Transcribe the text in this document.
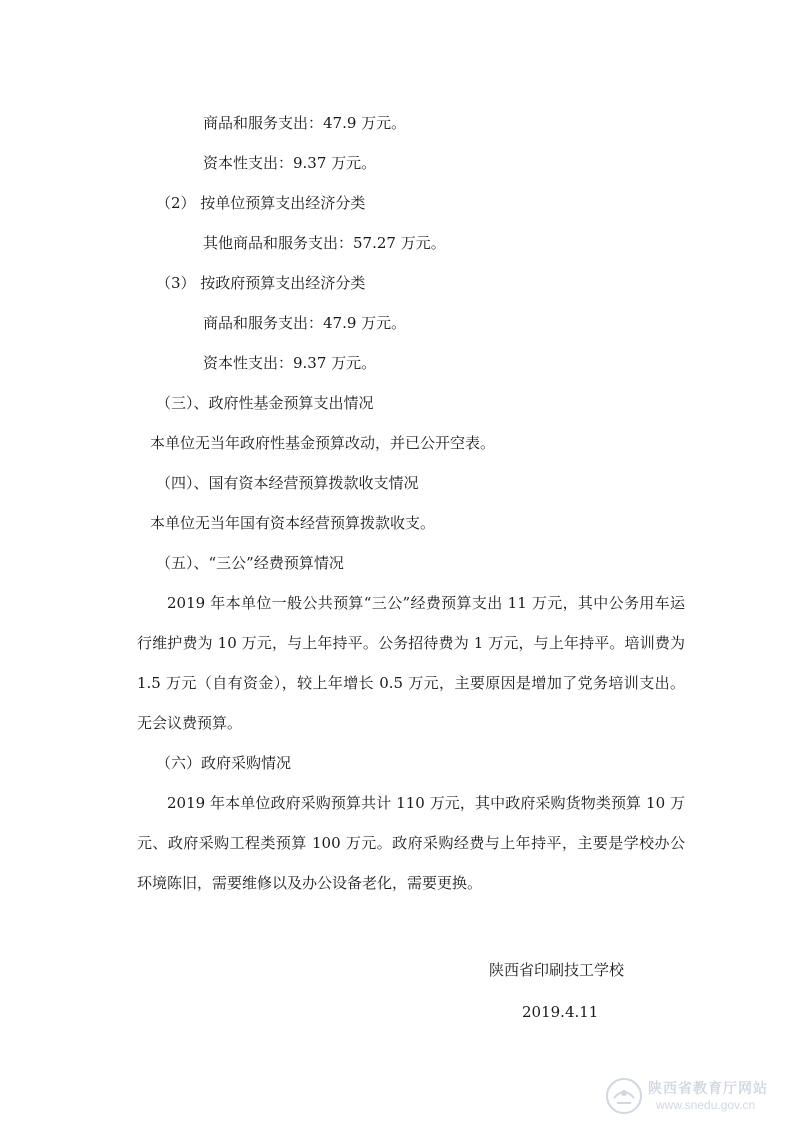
商品和服务支出：47.9 万元。
资本性支出：9.37 万元。
（2） 按单位预算支出经济分类
其他商品和服务支出：57.27 万元。
（3） 按政府预算支出经济分类
商品和服务支出：47.9 万元。
资本性支出：9.37 万元。
（三）、政府性基金预算支出情况
本单位无当年政府性基金预算改动，并已公开空表。
（四）、国有资本经营预算拨款收支情况
本单位无当年国有资本经营预算拨款收支。
（五）、“三公”经费预算情况
2019 年本单位一般公共预算“三公”经费预算支出 11 万元，其中公务用车运行维护费为 10 万元，与上年持平。公务招待费为 1 万元，与上年持平。培训费为 1.5 万元（自有资金），较上年增长 0.5 万元，主要原因是增加了党务培训支出。无会议费预算。
（六）政府采购情况
2019 年本单位政府采购预算共计 110 万元，其中政府采购货物类预算 10 万元、政府采购工程类预算 100 万元。政府采购经费与上年持平，主要是学校办公环境陈旧，需要维修以及办公设备老化，需要更换。
陕西省印刷技工学校
2019.4.11
陕西省教育厅网站
www.snedu.gov.cn
